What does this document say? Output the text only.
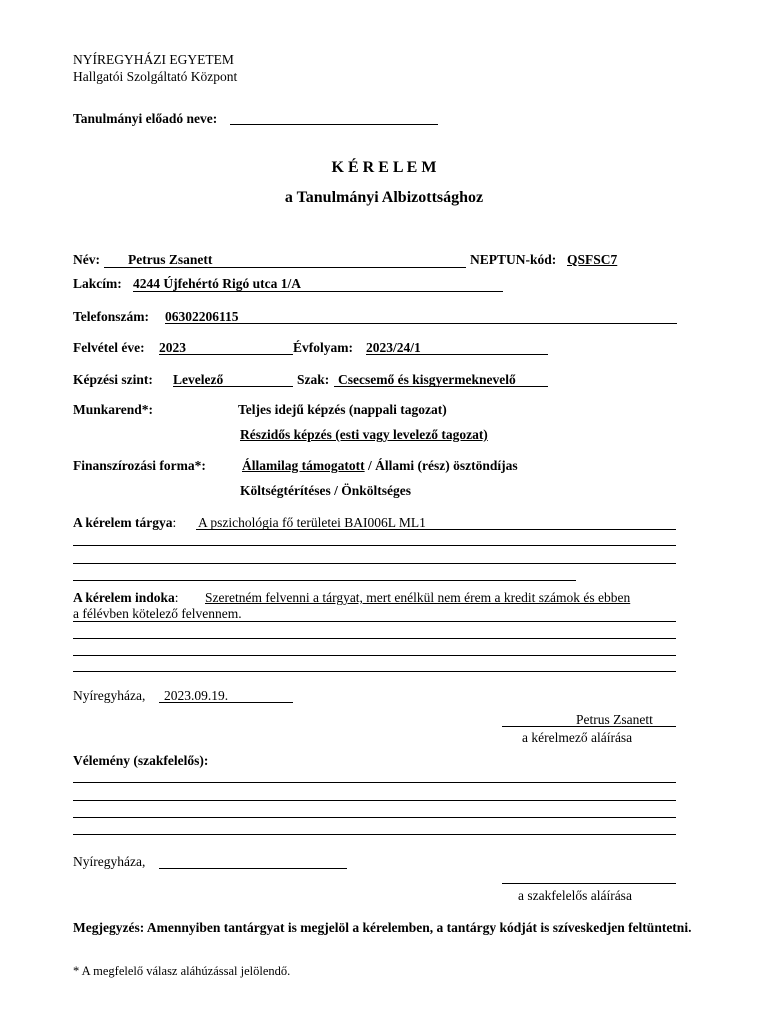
NYÍREGYHÁZI EGYETEM
Hallgatói Szolgáltató Központ
Tanulmányi előadó neve:
K É R E L E M
a Tanulmányi Albizottsághoz
Név: Petrus Zsanett	NEPTUN-kód: QSFSC7
Lakcím: 4244 Újfehértó Rigó utca 1/A
Telefonszám: 06302206115
Felvétel éve: 2023	Évfolyam: 2023/24/1
Képzési szint: Levelező	Szak: Csecsemő és kisgyermeknevelő
Munkarend*:	Teljes idejű képzés (nappali tagozat)
Részidős képzés (esti vagy levelező tagozat)
Finanszírozási forma*:	Államilag támogatott / Állami (rész) ösztöndíjas
Költségtérítéses / Önköltséges
A kérelem tárgya: A pszichológia fő területei BAI006L ML1
A kérelem indoka: Szeretném felvenni a tárgyat, mert enélkül nem érem a kredit számok és ebben
a félévben kötelező felvennem.
Nyíregyháza, 2023.09.19.
Petrus Zsanett
a kérelmező aláírása
Vélemény (szakfelelős):
Nyíregyháza,
a szakfelelős aláírása
Megjegyzés: Amennyiben tantárgyat is megjelöl a kérelemben, a tantárgy kódját is szíveskedjen feltüntetni.
* A megfelelő válasz aláhúzással jelölendő.
